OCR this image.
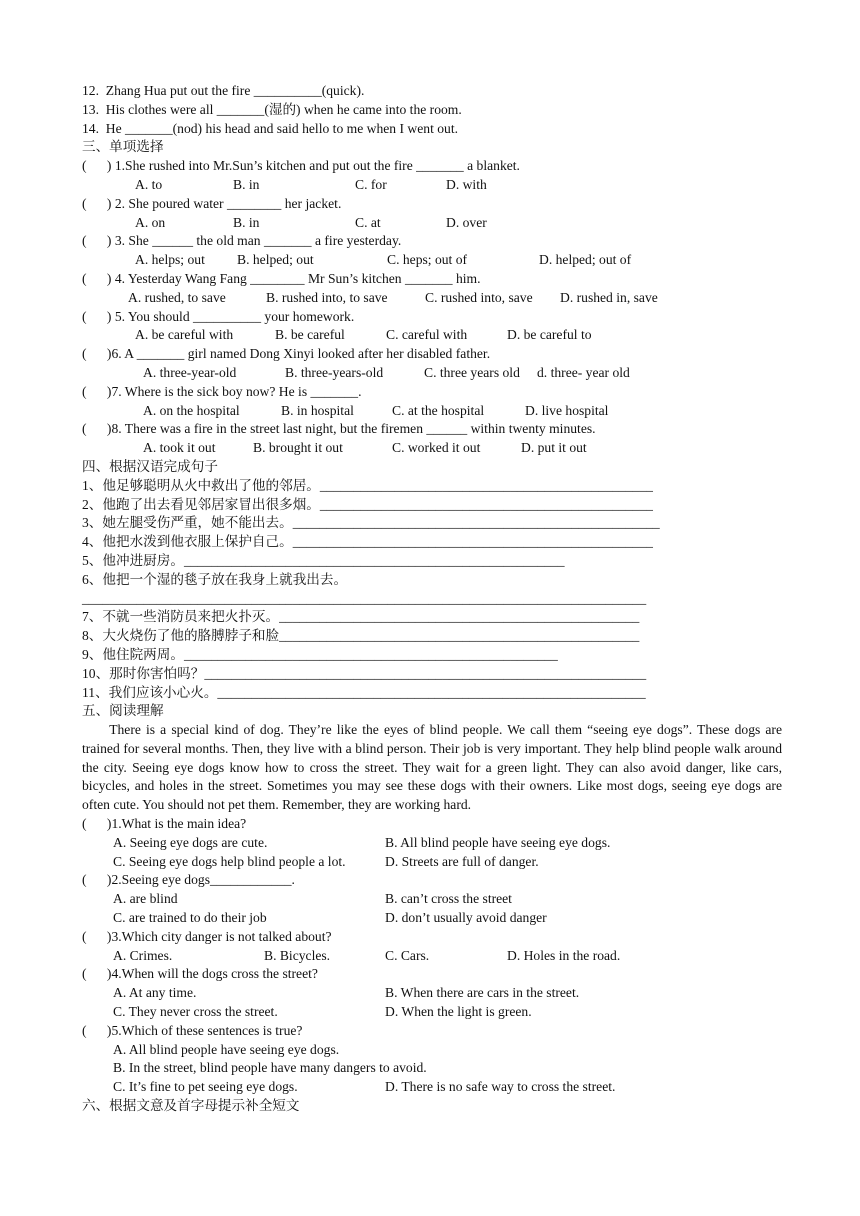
12.  Zhang Hua put out the fire __________(quick).
13.  His clothes were all _______(湿的) when he came into the room.
14.  He _______(nod) his head and said hello to me when I went out.
三、单项选择
(      ) 1.She rushed into Mr.Sun’s kitchen and put out the fire _______ a blanket.
A. to	B. in	C. for	D. with
(      ) 2. She poured water ________ her jacket.
A. on	B. in	C. at	D. over
(      ) 3. She ______ the old man _______ a fire yesterday.
A. helps; out	B. helped; out	C. heps; out of	D. helped; out of
(      ) 4. Yesterday Wang Fang ________ Mr Sun’s kitchen _______ him.
A. rushed, to save	B. rushed into, to save	C. rushed into, save	D. rushed in, save
(      ) 5. You should __________ your homework.
A. be careful with	B. be careful	C. careful with	D. be careful to
(      )6. A _______ girl named Dong Xinyi looked after her disabled father.
A. three-year-old	B. three-years-old	C. three years old	d. three- year old
(      )7. Where is the sick boy now? He is _______.
A. on the hospital	B. in hospital	C. at the hospital	D. live hospital
(      )8. There was a fire in the street last night, but the firemen ______ within twenty minutes.
A. took it out	B. brought it out	C. worked it out	D. put it out
四、根据汉语完成句子
1、他足够聪明从火中救出了他的邻居。_________________________________________________
2、他跑了出去看见邻居家冒出很多烟。_________________________________________________
3、她左腿受伤严重，她不能出去。______________________________________________________
4、他把水泼到他衣服上保护自己。_____________________________________________________
5、他冲进厨房。________________________________________________________
6、他把一个湿的毯子放在我身上就我出去。
___________________________________________________________________________________
7、不就一些消防员来把火扑灭。_____________________________________________________
8、大火烧伤了他的胳膊脖子和脸_____________________________________________________
9、他住院两周。_______________________________________________________
10、那时你害怕吗？_________________________________________________________________
11、我们应该小心火。_______________________________________________________________
五、阅读理解

There is a special kind of dog. They’re like the eyes of blind people. We call them “seeing eye dogs”. These dogs are trained for several months. Then, they live with a blind person. Their job is very important. They help blind people walk around the city. Seeing eye dogs know how to cross the street. They wait for a green light. They can also avoid danger, like cars, bicycles, and holes in the street. Sometimes you may see these dogs with their owners. Like most dogs, seeing eye dogs are often cute. You should not pet them. Remember, they are working hard.

(      )1.What is the main idea?
A. Seeing eye dogs are cute.	B. All blind people have seeing eye dogs.
C. Seeing eye dogs help blind people a lot.	D. Streets are full of danger.
(      )2.Seeing eye dogs____________.
A. are blind	B. can’t cross the street
C. are trained to do their job	D. don’t usually avoid danger
(      )3.Which city danger is not talked about?
A. Crimes.	B. Bicycles.	C. Cars.	D. Holes in the road.
(      )4.When will the dogs cross the street?
A. At any time.	B. When there are cars in the street.
C. They never cross the street.	D. When the light is green.
(      )5.Which of these sentences is true?
A. All blind people have seeing eye dogs.
B. In the street, blind people have many dangers to avoid.
C. It’s fine to pet seeing eye dogs.	D. There is no safe way to cross the street.
六、根据文意及首字母提示补全短文
